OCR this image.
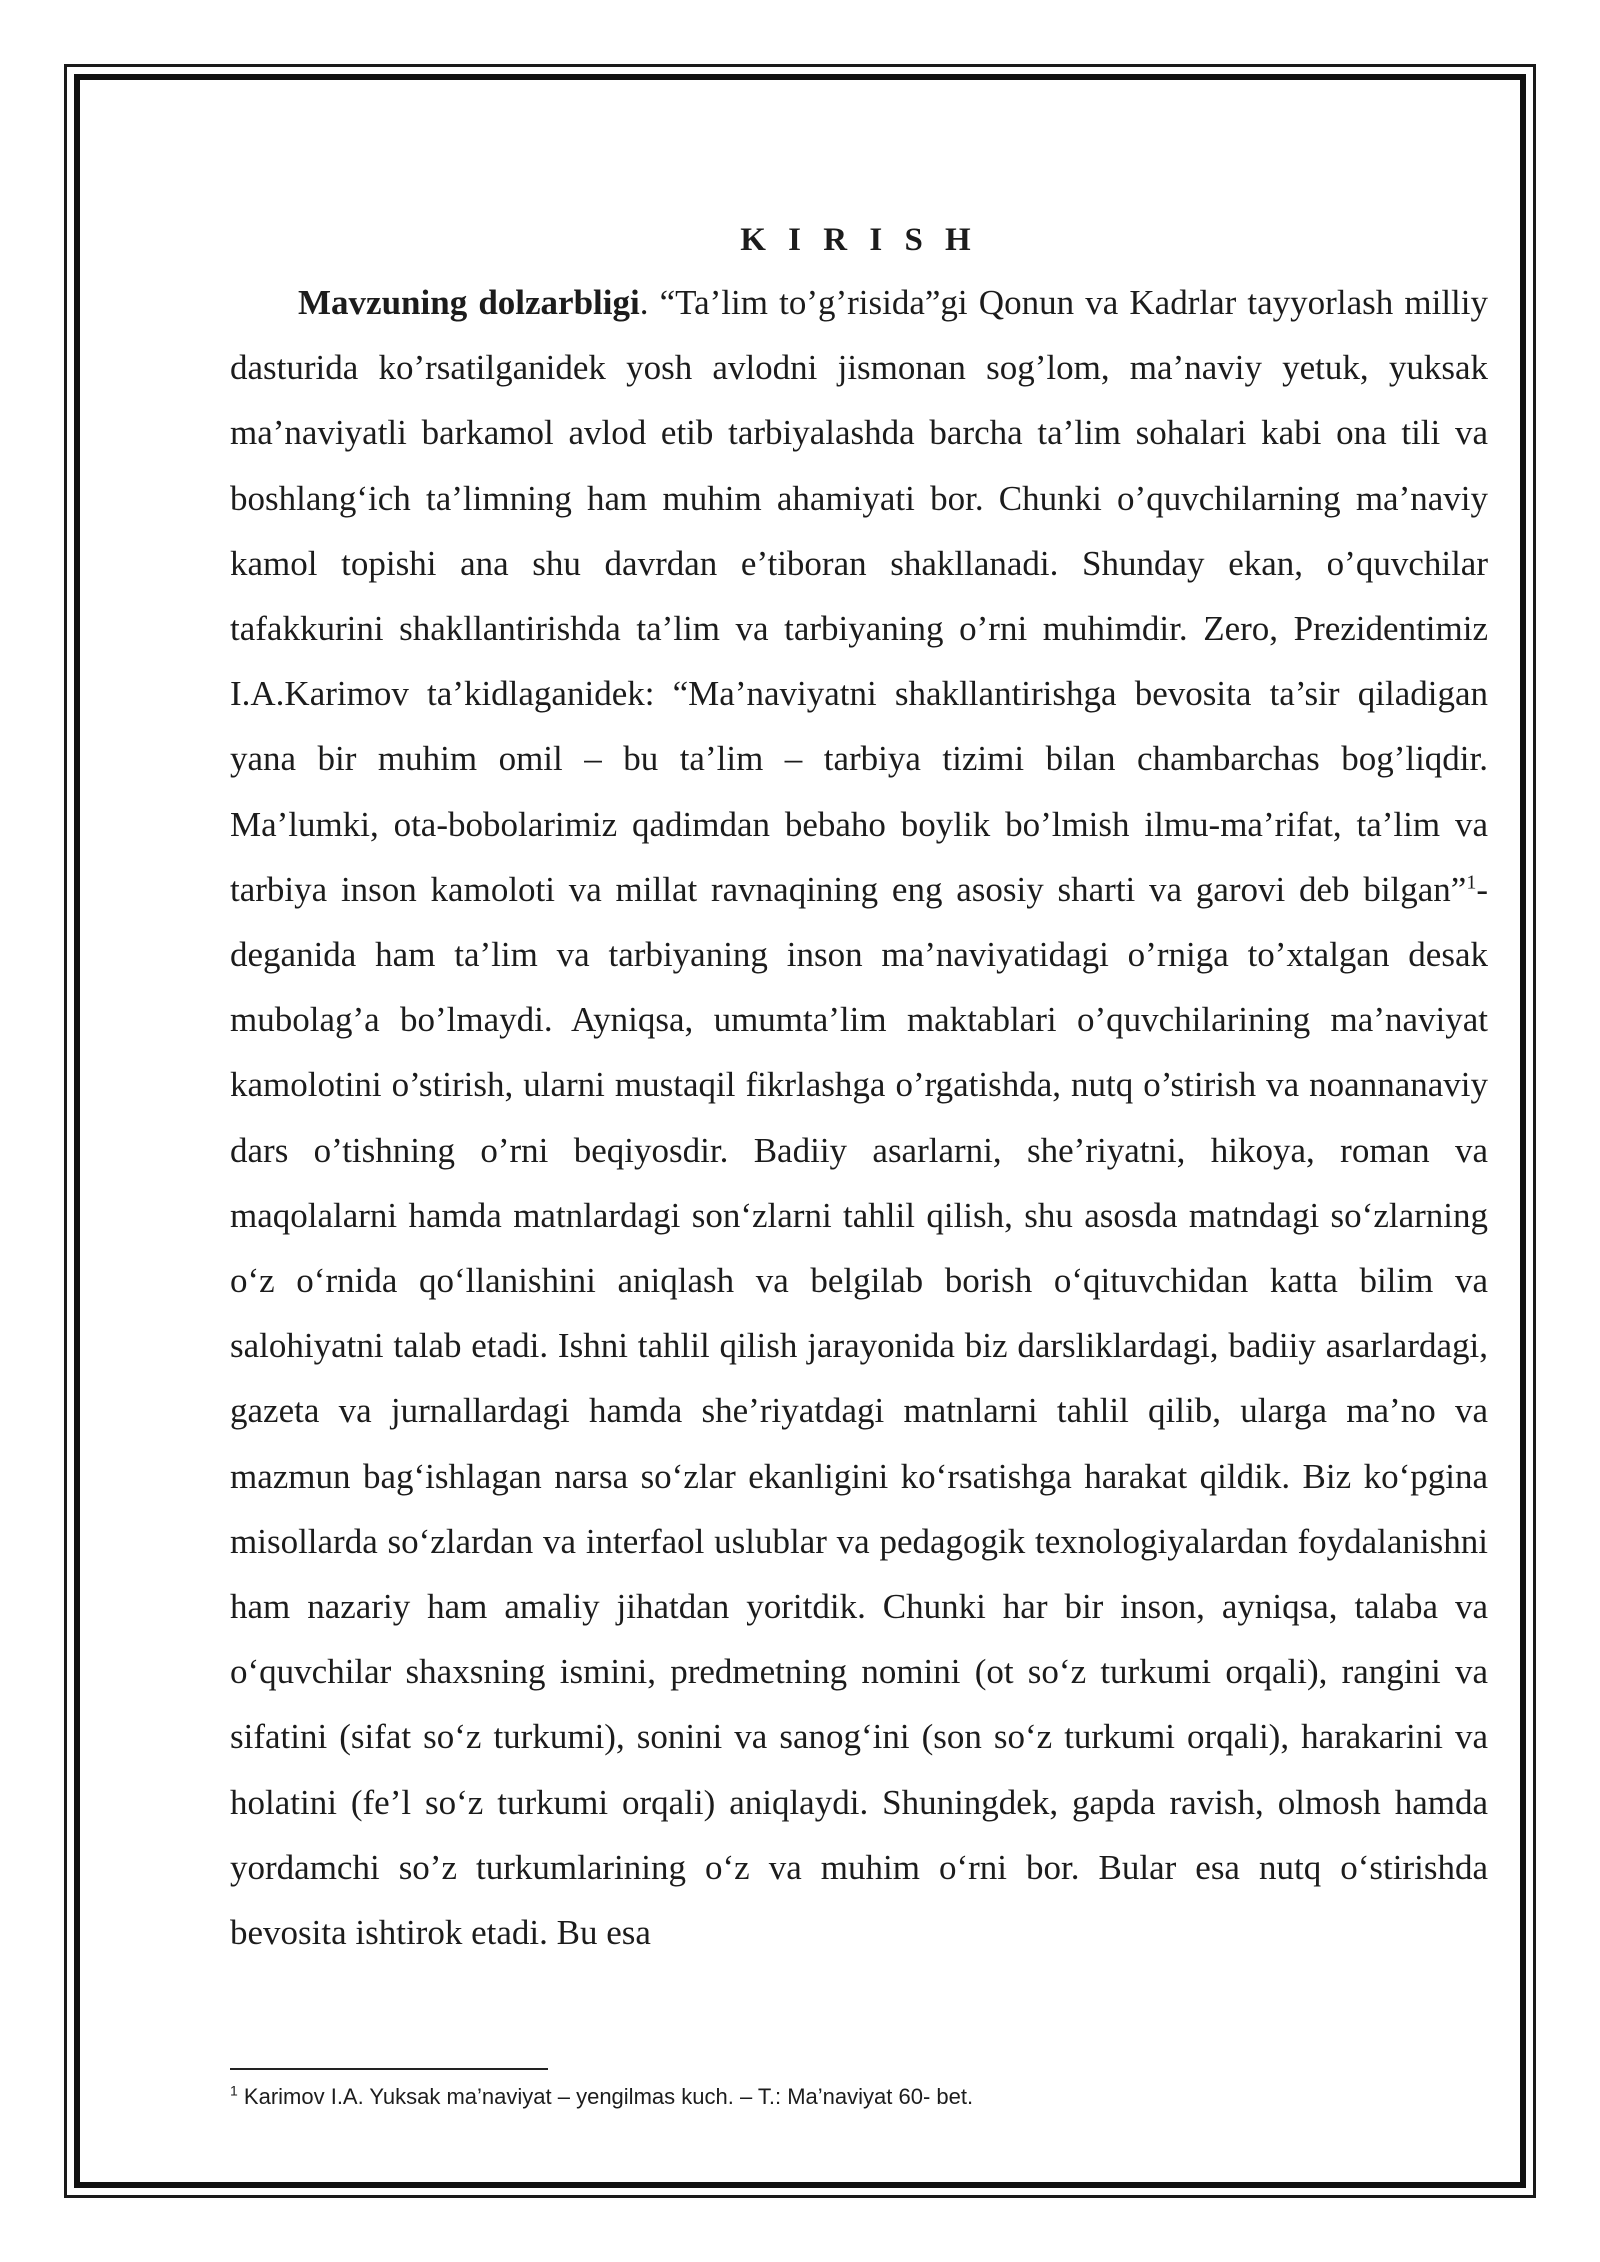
K I R I S H

Mavzuning dolzarbligi. “Ta’lim to’g’risida”gi Qonun va Kadrlar tayyorlash milliy dasturida ko’rsatilganidek yosh avlodni jismonan sog’lom, ma’naviy yetuk, yuksak ma’naviyatli barkamol avlod etib tarbiyalashda barcha ta’lim sohalari kabi ona tili va boshlang‘ich ta’limning ham muhim ahamiyati bor. Chunki o’quvchilarning ma’naviy kamol topishi ana shu davrdan e’tiboran shakllanadi. Shunday ekan, o’quvchilar tafakkurini shakllantirishda ta’lim va tarbiyaning o’rni muhimdir. Zero, Prezidentimiz I.A.Karimov ta’kidlaganidek: “Ma’naviyatni shakllantirishga bevosita ta’sir qiladigan yana bir muhim omil – bu ta’lim – tarbiya tizimi bilan chambarchas bog’liqdir. Ma’lumki, ota-bobolarimiz qadimdan bebaho boylik bo’lmish ilmu-ma’rifat, ta’lim va tarbiya inson kamoloti va millat ravnaqining eng asosiy sharti va garovi deb bilgan”$^1$- deganida ham ta’lim va tarbiyaning inson ma’naviyatidagi o’rniga to’xtalgan desak mubolag’a bo’lmaydi. Ayniqsa, umumta’lim maktablari o’quvchilarining ma’naviyat kamolotini o’stirish, ularni mustaqil fikrlashga o’rgatishda, nutq o’stirish va noannanaviy dars o’tishning o’rni beqiyosdir. Badiiy asarlarni, she’riyatni, hikoya, roman va maqolalarni hamda matnlardagi son‘zlarni tahlil qilish, shu asosda matndagi so‘zlarning o‘z o‘rnida qo‘llanishini aniqlash va belgilab borish o‘qituvchidan katta bilim va salohiyatni talab etadi. Ishni tahlil qilish jarayonida biz darsliklardagi, badiiy asarlardagi, gazeta va jurnallardagi hamda she’riyatdagi matnlarni tahlil qilib, ularga ma’no va mazmun bag‘ishlagan narsa so‘zlar ekanligini ko‘rsatishga harakat qildik. Biz ko‘pgina misollarda so‘zlardan va interfaol uslublar va pedagogik texnologiyalardan foydalanishni ham nazariy ham amaliy jihatdan yoritdik. Chunki har bir inson, ayniqsa, talaba va o‘quvchilar shaxsning ismini, predmetning nomini (ot so‘z turkumi orqali), rangini va sifatini (sifat so‘z turkumi), sonini va sanog‘ini (son so‘z turkumi orqali), harakarini va holatini (fe’l so‘z turkumi orqali) aniqlaydi. Shuningdek, gapda ravish, olmosh hamda yordamchi so’z turkumlarining o‘z va muhim o‘rni bor. Bular esa nutq o‘stirishda bevosita ishtirok etadi. Bu esa

$^1$ Karimov I.A. Yuksak ma’naviyat – yengilmas kuch. – T.: Ma’naviyat 60- bet.
